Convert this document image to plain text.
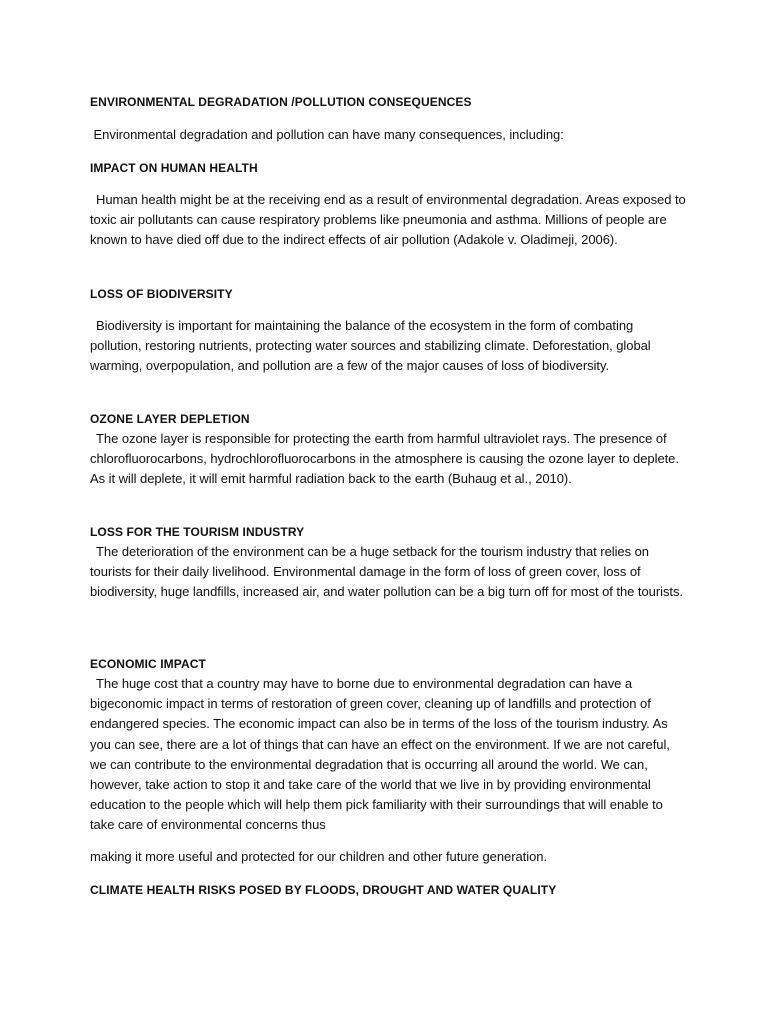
ENVIRONMENTAL DEGRADATION /POLLUTION CONSEQUENCES

Environmental degradation and pollution can have many consequences, including:

IMPACT ON HUMAN HEALTH

Human health might be at the receiving end as a result of environmental degradation. Areas exposed to toxic air pollutants can cause respiratory problems like pneumonia and asthma. Millions of people are known to have died off due to the indirect effects of air pollution (Adakole v. Oladimeji, 2006).

LOSS OF BIODIVERSITY

Biodiversity is important for maintaining the balance of the ecosystem in the form of combating pollution, restoring nutrients, protecting water sources and stabilizing climate. Deforestation, global warming, overpopulation, and pollution are a few of the major causes of loss of biodiversity.

OZONE LAYER DEPLETION

The ozone layer is responsible for protecting the earth from harmful ultraviolet rays. The presence of chlorofluorocarbons, hydrochlorofluorocarbons in the atmosphere is causing the ozone layer to deplete. As it will deplete, it will emit harmful radiation back to the earth (Buhaug et al., 2010).

LOSS FOR THE TOURISM INDUSTRY

The deterioration of the environment can be a huge setback for the tourism industry that relies on tourists for their daily livelihood. Environmental damage in the form of loss of green cover, loss of biodiversity, huge landfills, increased air, and water pollution can be a big turn off for most of the tourists.

ECONOMIC IMPACT

The huge cost that a country may have to borne due to environmental degradation can have a bigeconomic impact in terms of restoration of green cover, cleaning up of landfills and protection of endangered species. The economic impact can also be in terms of the loss of the tourism industry. As you can see, there are a lot of things that can have an effect on the environment. If we are not careful, we can contribute to the environmental degradation that is occurring all around the world. We can, however, take action to stop it and take care of the world that we live in by providing environmental education to the people which will help them pick familiarity with their surroundings that will enable to take care of environmental concerns thus

making it more useful and protected for our children and other future generation.

CLIMATE HEALTH RISKS POSED BY FLOODS, DROUGHT AND WATER QUALITY
